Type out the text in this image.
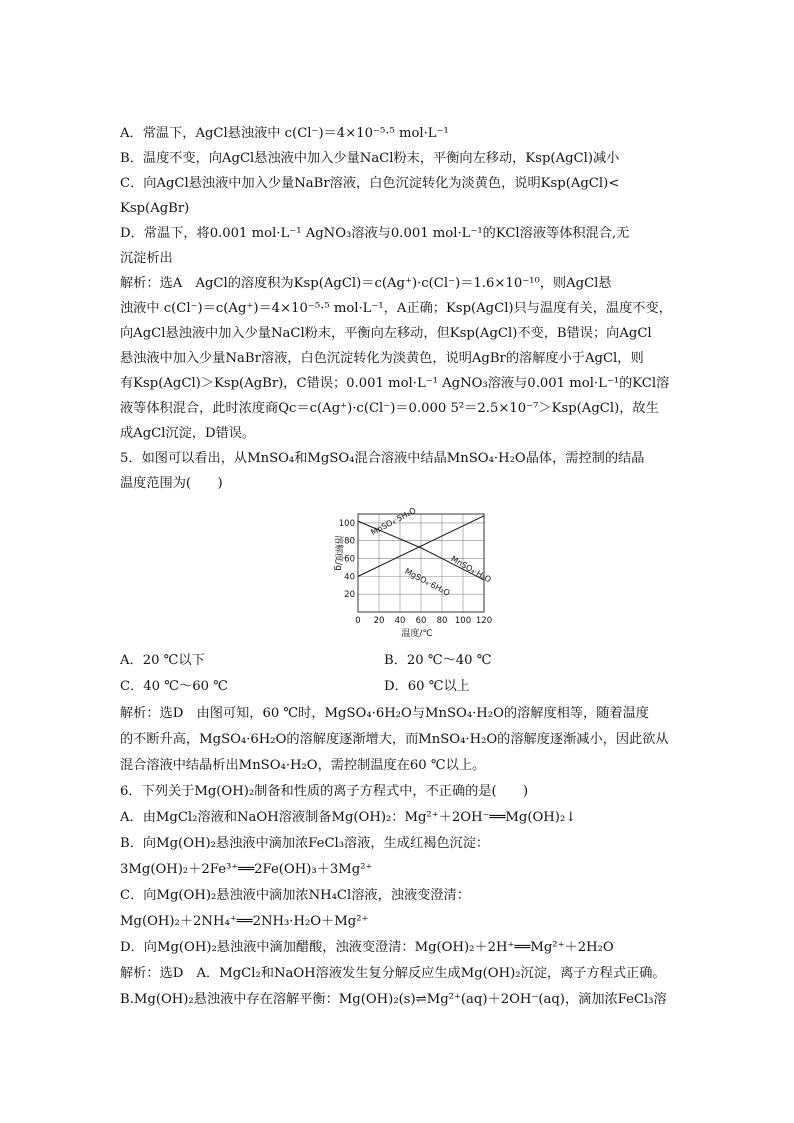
A．常温下，AgCl悬浊液中 c(Cl⁻)＝4×10⁻⁵·⁵ mol·L⁻¹
B．温度不变，向AgCl悬浊液中加入少量NaCl粉末，平衡向左移动，Ksp(AgCl)减小
C．向AgCl悬浊液中加入少量NaBr溶液，白色沉淀转化为淡黄色，说明Ksp(AgCl)<
Ksp(AgBr)
D．常温下，将0.001 mol·L⁻¹ AgNO₃溶液与0.001 mol·L⁻¹的KCl溶液等体积混合,无
沉淀析出
解析：选A　AgCl的溶度积为Ksp(AgCl)＝c(Ag⁺)·c(Cl⁻)＝1.6×10⁻¹⁰，则AgCl悬
浊液中 c(Cl⁻)＝c(Ag⁺)＝4×10⁻⁵·⁵ mol·L⁻¹，A正确；Ksp(AgCl)只与温度有关，温度不变，
向AgCl悬浊液中加入少量NaCl粉末，平衡向左移动，但Ksp(AgCl)不变，B错误；向AgCl
悬浊液中加入少量NaBr溶液，白色沉淀转化为淡黄色，说明AgBr的溶解度小于AgCl，则
有Ksp(AgCl)＞Ksp(AgBr)，C错误；0.001 mol·L⁻¹ AgNO₃溶液与0.001 mol·L⁻¹的KCl溶
液等体积混合，此时浓度商Qc＝c(Ag⁺)·c(Cl⁻)＝0.000 5²＝2.5×10⁻⁷＞Ksp(AgCl)，故生
成AgCl沉淀，D错误。
5．如图可以看出，从MnSO₄和MgSO₄混合溶液中结晶MnSO₄·H₂O晶体，需控制的结晶
温度范围为(　　)
0 20 40 60 80 100 120
20
40
60
80
100
温度/℃
溶解度/g
MnSO₄·5H₂O
MnSO₄·H₂O
MgSO₄·6H₂O
A．20 ℃以下	B．20 ℃～40 ℃
C．40 ℃～60 ℃	D．60 ℃以上
解析：选D　由图可知，60 ℃时，MgSO₄·6H₂O与MnSO₄·H₂O的溶解度相等，随着温度
的不断升高，MgSO₄·6H₂O的溶解度逐渐增大，而MnSO₄·H₂O的溶解度逐渐减小，因此欲从
混合溶液中结晶析出MnSO₄·H₂O，需控制温度在60 ℃以上。
6．下列关于Mg(OH)₂制备和性质的离子方程式中，不正确的是(　　)
A．由MgCl₂溶液和NaOH溶液制备Mg(OH)₂：Mg²⁺＋2OH⁻══Mg(OH)₂↓
B．向Mg(OH)₂悬浊液中滴加浓FeCl₃溶液，生成红褐色沉淀：
3Mg(OH)₂＋2Fe³⁺══2Fe(OH)₃＋3Mg²⁺
C．向Mg(OH)₂悬浊液中滴加浓NH₄Cl溶液，浊液变澄清：
Mg(OH)₂＋2NH₄⁺══2NH₃·H₂O＋Mg²⁺
D．向Mg(OH)₂悬浊液中滴加醋酸，浊液变澄清：Mg(OH)₂＋2H⁺══Mg²⁺＋2H₂O
解析：选D　A．MgCl₂和NaOH溶液发生复分解反应生成Mg(OH)₂沉淀，离子方程式正确。
B.Mg(OH)₂悬浊液中存在溶解平衡：Mg(OH)₂(s)⇌Mg²⁺(aq)＋2OH⁻(aq)，滴加浓FeCl₃溶
